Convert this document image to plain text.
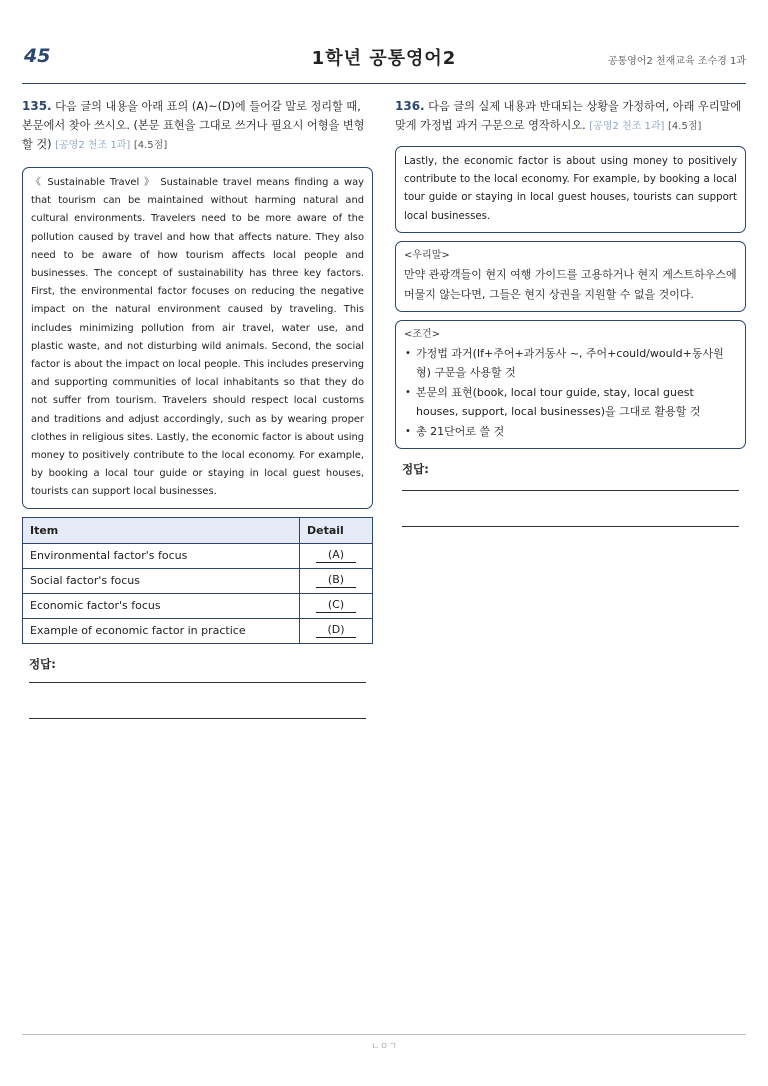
45	1학년 공통영어2	공통영어2 천재교육 조수경 1과
135. 다음 글의 내용을 아래 표의 (A)~(D)에 들어갈 말로 정리할 때, 본문에서 찾아 쓰시오. (본문 표현을 그대로 쓰거나 필요시 어형을 변형할 것) [공영2 천조 1과] [4.5점]
《 Sustainable Travel 》 Sustainable travel means finding a way that tourism can be maintained without harming natural and cultural environments. Travelers need to be more aware of the pollution caused by travel and how that affects nature. They also need to be aware of how tourism affects local people and businesses. The concept of sustainability has three key factors. First, the environmental factor focuses on reducing the negative impact on the natural environment caused by traveling. This includes minimizing pollution from air travel, water use, and plastic waste, and not disturbing wild animals. Second, the social factor is about the impact on local people. This includes preserving and supporting communities of local inhabitants so that they do not suffer from tourism. Travelers should respect local customs and traditions and adjust accordingly, such as by wearing proper clothes in religious sites. Lastly, the economic factor is about using money to positively contribute to the local economy. For example, by booking a local tour guide or staying in local guest houses, tourists can support local businesses.
Item	Detail
Environmental factor's focus	(A)
Social factor's focus	(B)
Economic factor's focus	(C)
Example of economic factor in practice	(D)
정답:
136. 다음 글의 실제 내용과 반대되는 상황을 가정하여, 아래 우리말에 맞게 가정법 과거 구문으로 영작하시오. [공영2 천조 1과] [4.5점]
Lastly, the economic factor is about using money to positively contribute to the local economy. For example, by booking a local tour guide or staying in local guest houses, tourists can support local businesses.
<우리말>
만약 관광객들이 현지 여행 가이드를 고용하거나 현지 게스트하우스에 머물지 않는다면, 그들은 현지 상권을 지원할 수 없을 것이다.
<조건>
• 가정법 과거(If+주어+과거동사 ~, 주어+could/would+동사원형) 구문을 사용할 것
• 본문의 표현(book, local tour guide, stay, local guest houses, support, local businesses)을 그대로 활용할 것
• 총 21단어로 쓸 것
정답:
ㄴㅇㄱ
